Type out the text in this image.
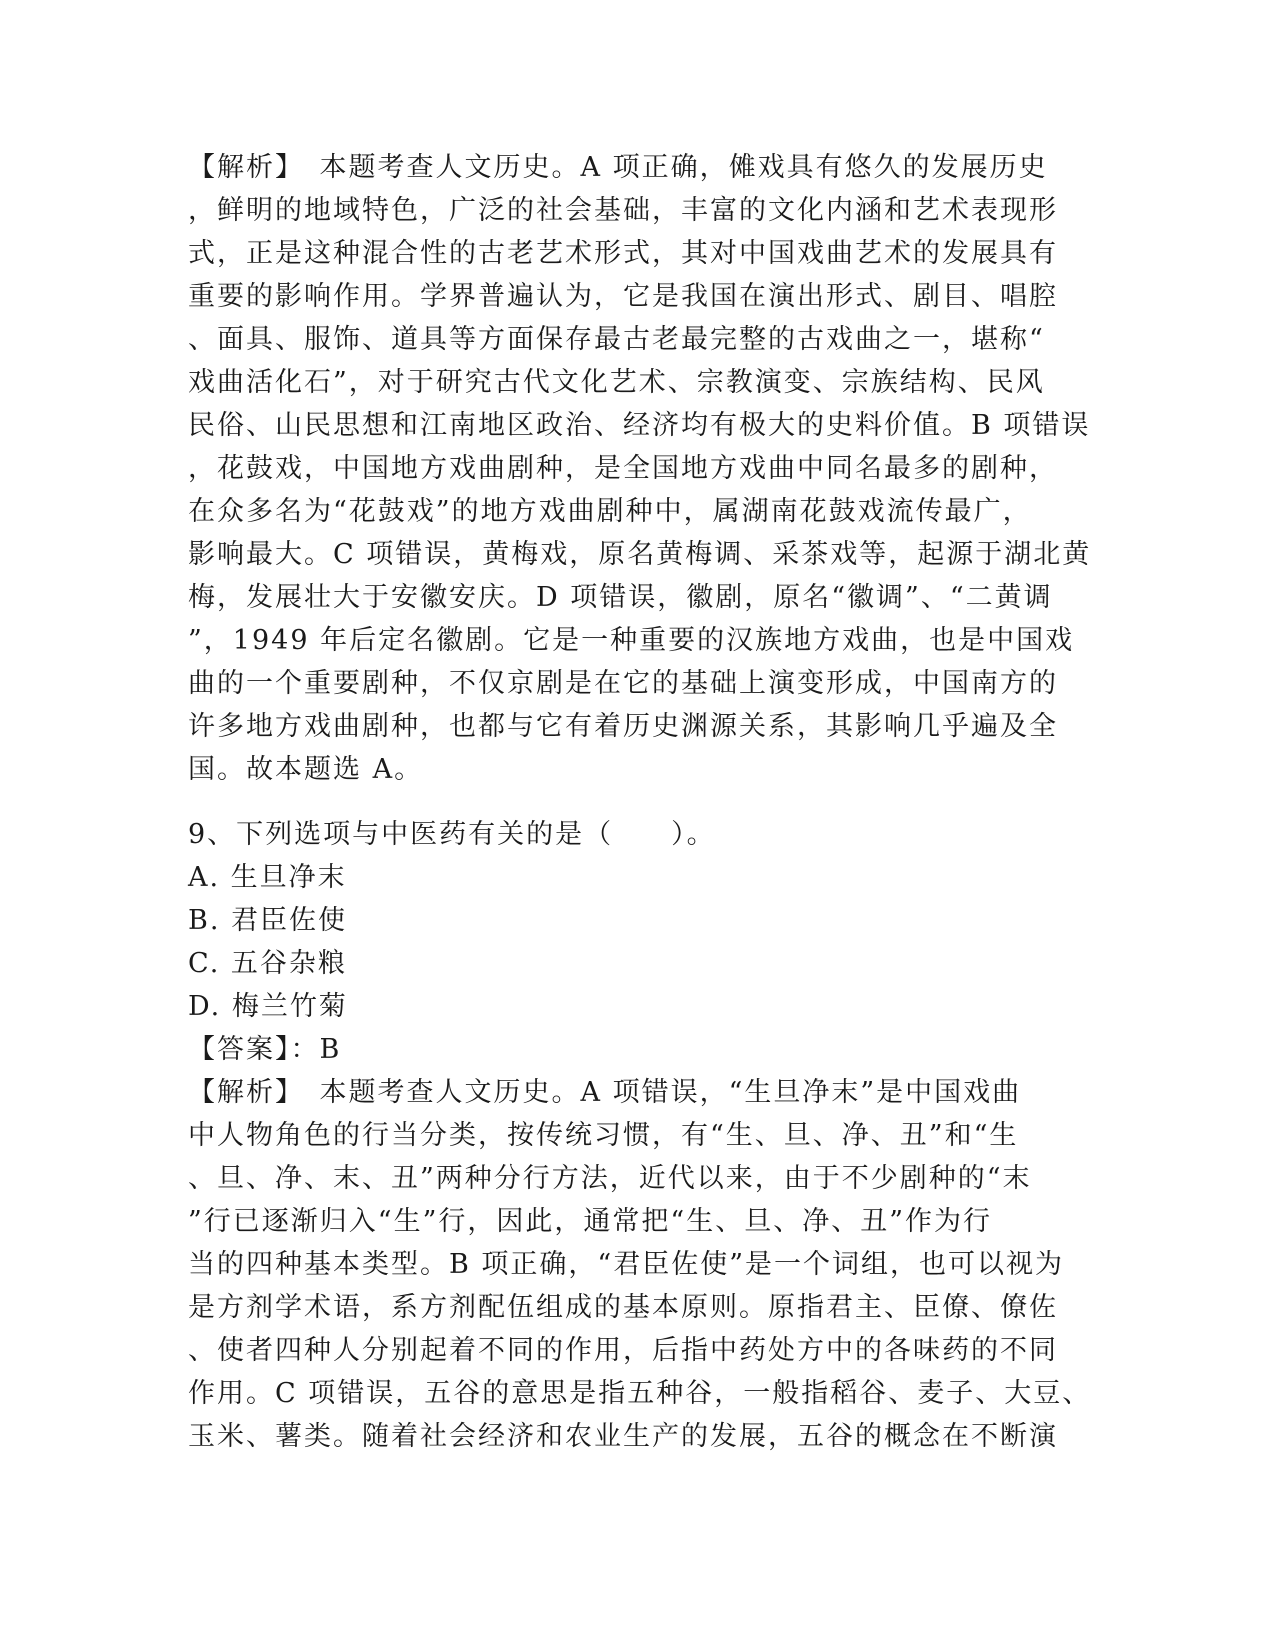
【解析】　本题考查人文历史。A 项正确，傩戏具有悠久的发展历史
，鲜明的地域特色，广泛的社会基础，丰富的文化内涵和艺术表现形
式，正是这种混合性的古老艺术形式，其对中国戏曲艺术的发展具有
重要的影响作用。学界普遍认为，它是我国在演出形式、剧目、唱腔
、面具、服饰、道具等方面保存最古老最完整的古戏曲之一，堪称“
戏曲活化石”，对于研究古代文化艺术、宗教演变、宗族结构、民风
民俗、山民思想和江南地区政治、经济均有极大的史料价值。B 项错误
，花鼓戏，中国地方戏曲剧种，是全国地方戏曲中同名最多的剧种，
在众多名为“花鼓戏”的地方戏曲剧种中，属湖南花鼓戏流传最广，
影响最大。C 项错误，黄梅戏，原名黄梅调、采茶戏等，起源于湖北黄
梅，发展壮大于安徽安庆。D 项错误，徽剧，原名“徽调”、“二黄调
”，1949 年后定名徽剧。它是一种重要的汉族地方戏曲，也是中国戏
曲的一个重要剧种，不仅京剧是在它的基础上演变形成，中国南方的
许多地方戏曲剧种，也都与它有着历史渊源关系，其影响几乎遍及全
国。故本题选 A。
9、下列选项与中医药有关的是（　　）。
A. 生旦净末
B. 君臣佐使
C. 五谷杂粮
D. 梅兰竹菊
【答案】：B
【解析】　本题考查人文历史。A 项错误，“生旦净末”是中国戏曲
中人物角色的行当分类，按传统习惯，有“生、旦、净、丑”和“生
、旦、净、末、丑”两种分行方法，近代以来，由于不少剧种的“末
”行已逐渐归入“生”行，因此，通常把“生、旦、净、丑”作为行
当的四种基本类型。B 项正确，“君臣佐使”是一个词组，也可以视为
是方剂学术语，系方剂配伍组成的基本原则。原指君主、臣僚、僚佐
、使者四种人分别起着不同的作用，后指中药处方中的各味药的不同
作用。C 项错误，五谷的意思是指五种谷，一般指稻谷、麦子、大豆、
玉米、薯类。随着社会经济和农业生产的发展，五谷的概念在不断演
